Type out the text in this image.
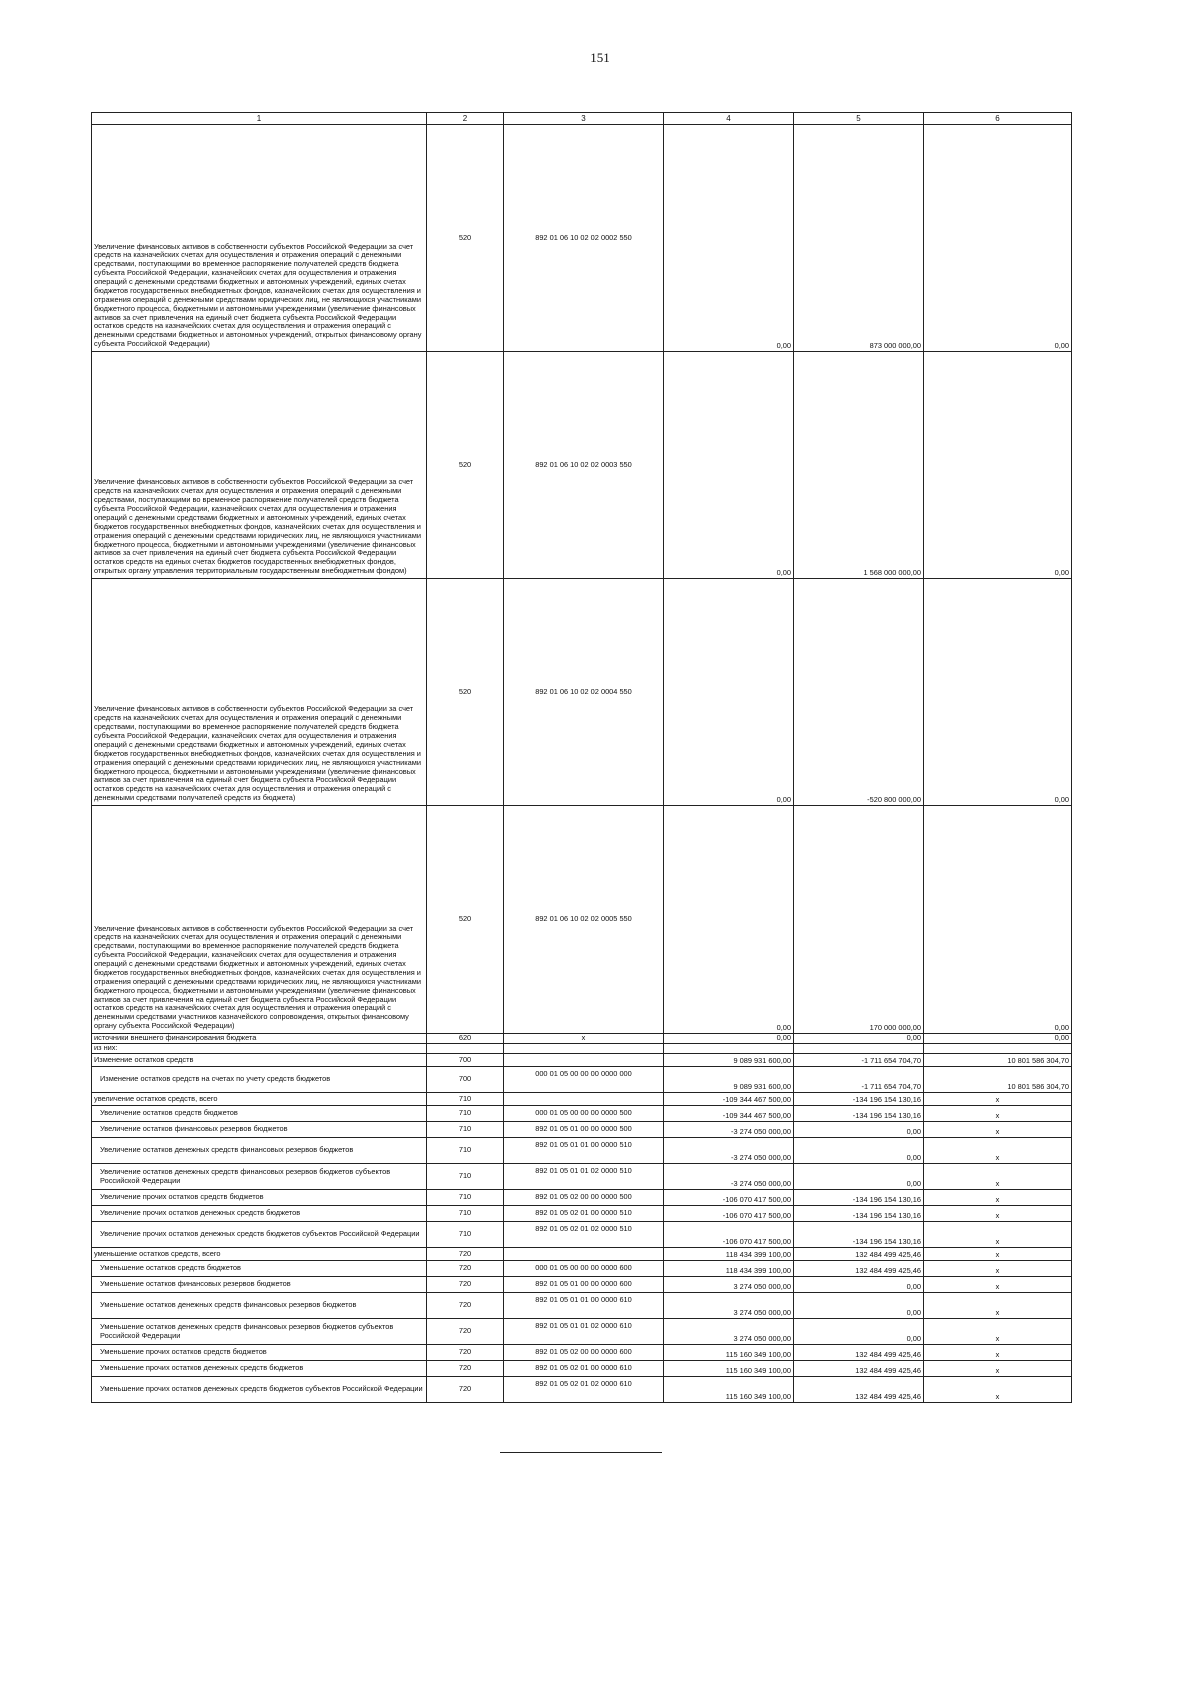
151
1	2	3	4	5	6
Увеличение финансовых активов в собственности субъектов Российской Федерации за счет средств на казначейских счетах для осуществления и отражения операций с денежными средствами, поступающими во временное распоряжение получателей средств бюджета субъекта Российской Федерации, казначейских счетах для осуществления и отражения операций с денежными средствами бюджетных и автономных учреждений, единых счетах бюджетов государственных внебюджетных фондов, казначейских счетах для осуществления и отражения операций с денежными средствами юридических лиц, не являющихся участниками бюджетного процесса, бюджетными и автономными учреждениями (увеличение финансовых активов за счет привлечения на единый счет бюджета субъекта Российской Федерации остатков средств на казначейских счетах для осуществления и отражения операций с денежными средствами бюджетных и автономных учреждений, открытых финансовому органу субъекта Российской Федерации)	520	892 01 06 10 02 02 0002 550	0,00	873 000 000,00	0,00
Увеличение финансовых активов в собственности субъектов Российской Федерации за счет средств на казначейских счетах для осуществления и отражения операций с денежными средствами, поступающими во временное распоряжение получателей средств бюджета субъекта Российской Федерации, казначейских счетах для осуществления и отражения операций с денежными средствами бюджетных и автономных учреждений, единых счетах бюджетов государственных внебюджетных фондов, казначейских счетах для осуществления и отражения операций с денежными средствами юридических лиц, не являющихся участниками бюджетного процесса, бюджетными и автономными учреждениями (увеличение финансовых активов за счет привлечения на единый счет бюджета субъекта Российской Федерации остатков средств на единых счетах бюджетов государственных внебюджетных фондов, открытых органу управления территориальным государственным внебюджетным фондом)	520	892 01 06 10 02 02 0003 550	0,00	1 568 000 000,00	0,00
Увеличение финансовых активов в собственности субъектов Российской Федерации за счет средств на казначейских счетах для осуществления и отражения операций с денежными средствами, поступающими во временное распоряжение получателей средств бюджета субъекта Российской Федерации, казначейских счетах для осуществления и отражения операций с денежными средствами бюджетных и автономных учреждений, единых счетах бюджетов государственных внебюджетных фондов, казначейских счетах для осуществления и отражения операций с денежными средствами юридических лиц, не являющихся участниками бюджетного процесса, бюджетными и автономными учреждениями (увеличение финансовых активов за счет привлечения на единый счет бюджета субъекта Российской Федерации остатков средств на казначейских счетах для осуществления и отражения операций с денежными средствами получателей средств из бюджета)	520	892 01 06 10 02 02 0004 550	0,00	-520 800 000,00	0,00
Увеличение финансовых активов в собственности субъектов Российской Федерации за счет средств на казначейских счетах для осуществления и отражения операций с денежными средствами, поступающими во временное распоряжение получателей средств бюджета субъекта Российской Федерации, казначейских счетах для осуществления и отражения операций с денежными средствами бюджетных и автономных учреждений, единых счетах бюджетов государственных внебюджетных фондов, казначейских счетах для осуществления и отражения операций с денежными средствами юридических лиц, не являющихся участниками бюджетного процесса, бюджетными и автономными учреждениями (увеличение финансовых активов за счет привлечения на единый счет бюджета субъекта Российской Федерации остатков средств на казначейских счетах для осуществления и отражения операций с денежными средствами участников казначейского сопровождения, открытых финансовому органу субъекта Российской Федерации)	520	892 01 06 10 02 02 0005 550	0,00	170 000 000,00	0,00
источники внешнего финансирования бюджета	620	x	0,00	0,00	0,00
из них:					
Изменение остатков средств	700		9 089 931 600,00	-1 711 654 704,70	10 801 586 304,70
Изменение остатков средств на счетах по учету средств бюджетов	700	000 01 05 00 00 00 0000 000	9 089 931 600,00	-1 711 654 704,70	10 801 586 304,70
увеличение остатков средств, всего	710		-109 344 467 500,00	-134 196 154 130,16	x
Увеличение остатков средств бюджетов	710	000 01 05 00 00 00 0000 500	-109 344 467 500,00	-134 196 154 130,16	x
Увеличение остатков финансовых резервов бюджетов	710	892 01 05 01 00 00 0000 500	-3 274 050 000,00	0,00	x
Увеличение остатков денежных средств финансовых резервов бюджетов	710	892 01 05 01 01 00 0000 510	-3 274 050 000,00	0,00	x
Увеличение остатков денежных средств финансовых резервов бюджетов субъектов Российской Федерации	710	892 01 05 01 01 02 0000 510	-3 274 050 000,00	0,00	x
Увеличение прочих остатков средств бюджетов	710	892 01 05 02 00 00 0000 500	-106 070 417 500,00	-134 196 154 130,16	x
Увеличение прочих остатков денежных средств бюджетов	710	892 01 05 02 01 00 0000 510	-106 070 417 500,00	-134 196 154 130,16	x
Увеличение прочих остатков денежных средств бюджетов субъектов Российской Федерации	710	892 01 05 02 01 02 0000 510	-106 070 417 500,00	-134 196 154 130,16	x
уменьшение остатков средств, всего	720		118 434 399 100,00	132 484 499 425,46	x
Уменьшение остатков средств бюджетов	720	000 01 05 00 00 00 0000 600	118 434 399 100,00	132 484 499 425,46	x
Уменьшение остатков финансовых резервов бюджетов	720	892 01 05 01 00 00 0000 600	3 274 050 000,00	0,00	x
Уменьшение остатков денежных средств финансовых резервов бюджетов	720	892 01 05 01 01 00 0000 610	3 274 050 000,00	0,00	x
Уменьшение остатков денежных средств финансовых резервов бюджетов субъектов Российской Федерации	720	892 01 05 01 01 02 0000 610	3 274 050 000,00	0,00	x
Уменьшение прочих остатков средств бюджетов	720	892 01 05 02 00 00 0000 600	115 160 349 100,00	132 484 499 425,46	x
Уменьшение прочих остатков денежных средств бюджетов	720	892 01 05 02 01 00 0000 610	115 160 349 100,00	132 484 499 425,46	x
Уменьшение прочих остатков денежных средств бюджетов субъектов Российской Федерации	720	892 01 05 02 01 02 0000 610	115 160 349 100,00	132 484 499 425,46	x
